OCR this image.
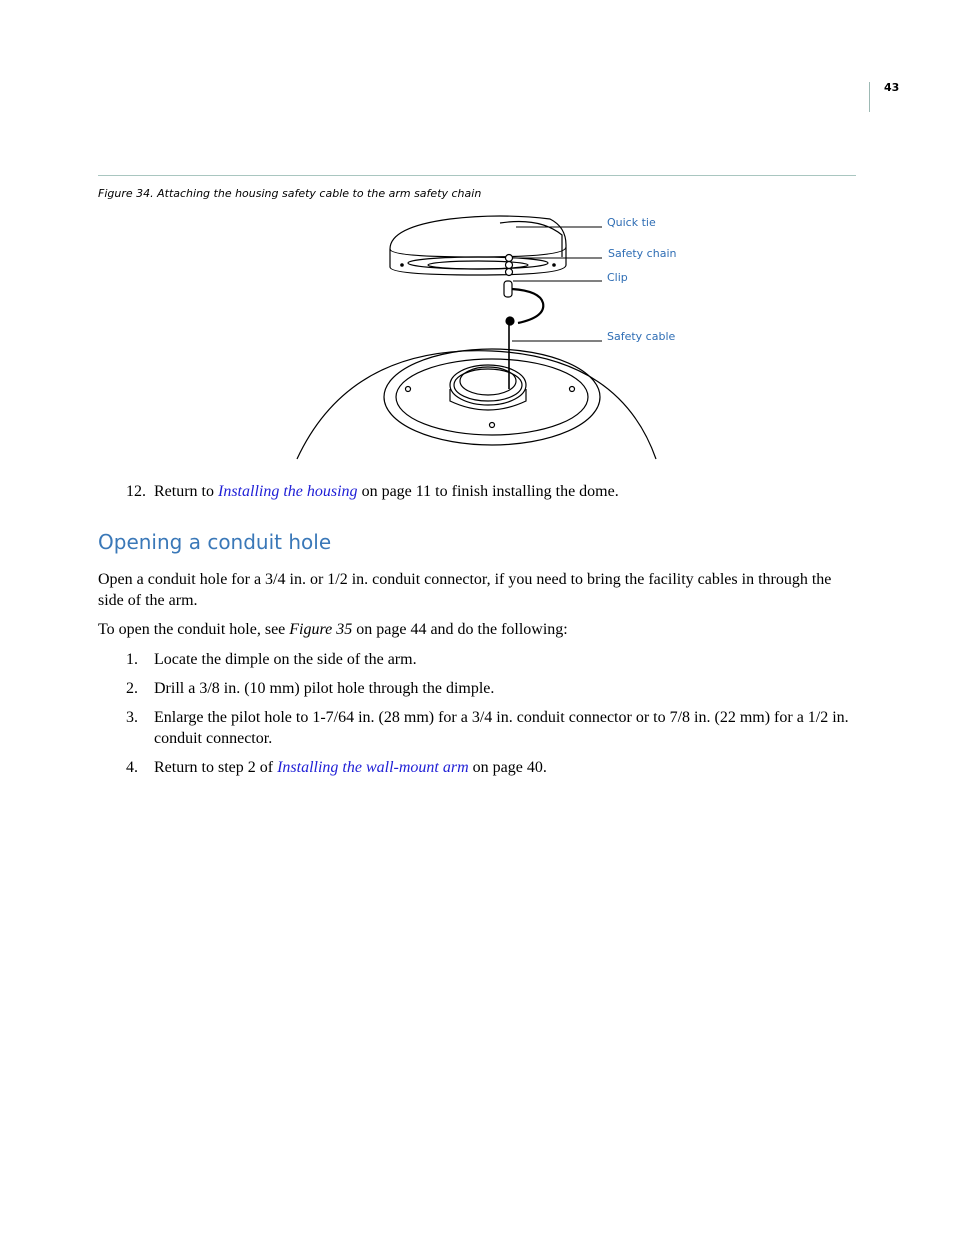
43
Figure 34. Attaching the housing safety cable to the arm safety chain
Quick tie
Safety chain
Clip
Safety cable
12. Return to Installing the housing on page 11 to finish installing the dome.
Opening a conduit hole
Open a conduit hole for a 3/4 in. or 1/2 in. conduit connector, if you need to bring the facility cables in through the side of the arm.
To open the conduit hole, see Figure 35 on page 44 and do the following:
1. Locate the dimple on the side of the arm.
2. Drill a 3/8 in. (10 mm) pilot hole through the dimple.
3. Enlarge the pilot hole to 1-7/64 in. (28 mm) for a 3/4 in. conduit connector or to 7/8 in. (22 mm) for a 1/2 in. conduit connector.
4. Return to step 2 of Installing the wall-mount arm on page 40.
